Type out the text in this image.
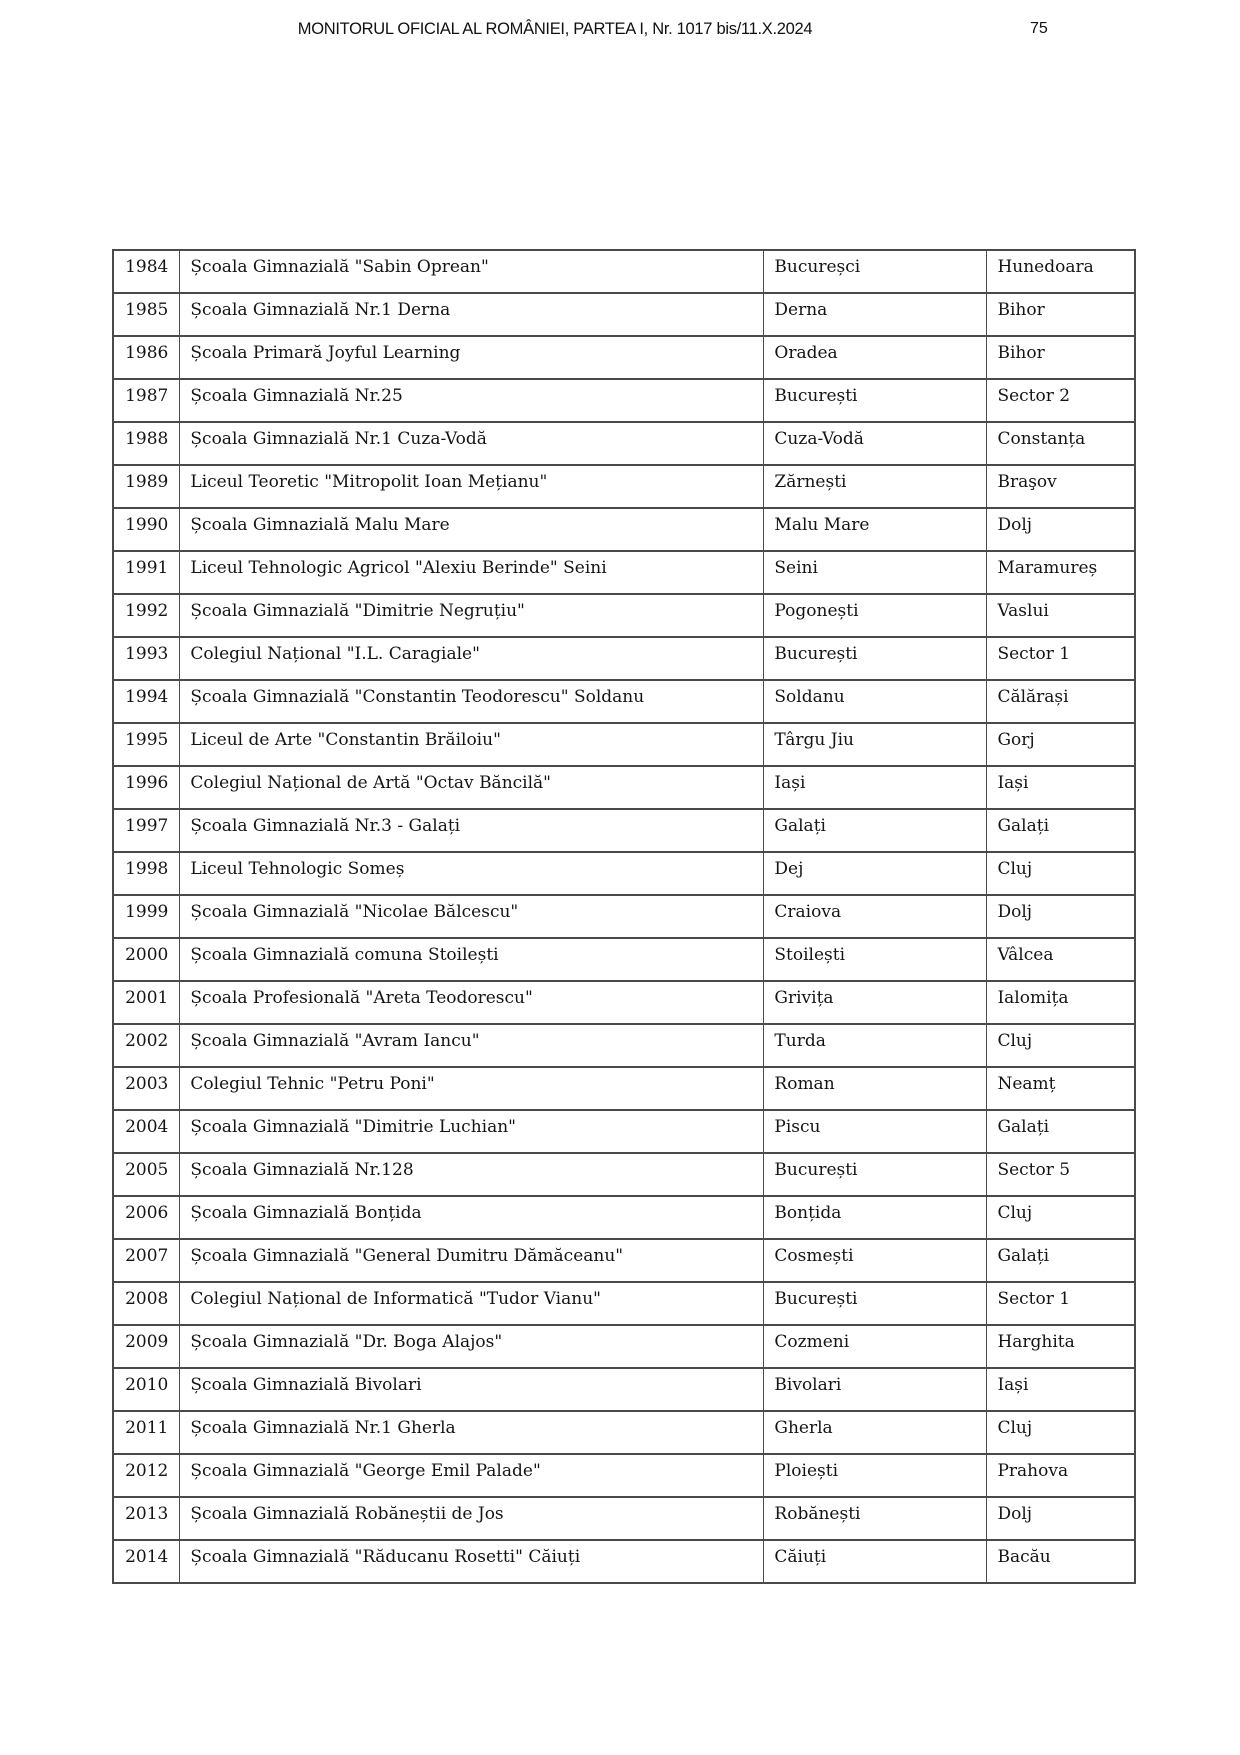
MONITORUL OFICIAL AL ROMÂNIEI, PARTEA I, Nr. 1017 bis/11.X.2024	75
1984	Școala Gimnazială "Sabin Oprean"	Bucureșci	Hunedoara
1985	Școala Gimnazială Nr.1 Derna	Derna	Bihor
1986	Școala Primară Joyful Learning	Oradea	Bihor
1987	Școala Gimnazială Nr.25	București	Sector 2
1988	Școala Gimnazială Nr.1 Cuza-Vodă	Cuza-Vodă	Constanța
1989	Liceul Teoretic "Mitropolit Ioan Mețianu"	Zărnești	Braşov
1990	Școala Gimnazială Malu Mare	Malu Mare	Dolj
1991	Liceul Tehnologic Agricol "Alexiu Berinde" Seini	Seini	Maramureș
1992	Școala Gimnazială "Dimitrie Negruțiu"	Pogonești	Vaslui
1993	Colegiul Național "I.L. Caragiale"	București	Sector 1
1994	Școala Gimnazială "Constantin Teodorescu" Soldanu	Soldanu	Călărași
1995	Liceul de Arte "Constantin Brăiloiu"	Târgu Jiu	Gorj
1996	Colegiul Național de Artă "Octav Băncilă"	Iași	Iași
1997	Școala Gimnazială Nr.3 - Galați	Galați	Galați
1998	Liceul Tehnologic Someș	Dej	Cluj
1999	Școala Gimnazială "Nicolae Bălcescu"	Craiova	Dolj
2000	Școala Gimnazială comuna Stoilești	Stoilești	Vâlcea
2001	Școala Profesională "Areta Teodorescu"	Grivița	Ialomița
2002	Școala Gimnazială "Avram Iancu"	Turda	Cluj
2003	Colegiul Tehnic "Petru Poni"	Roman	Neamț
2004	Școala Gimnazială "Dimitrie Luchian"	Piscu	Galați
2005	Școala Gimnazială Nr.128	București	Sector 5
2006	Școala Gimnazială Bonțida	Bonțida	Cluj
2007	Școala Gimnazială "General Dumitru Dămăceanu"	Cosmești	Galați
2008	Colegiul Național de Informatică "Tudor Vianu"	București	Sector 1
2009	Școala Gimnazială "Dr. Boga Alajos"	Cozmeni	Harghita
2010	Școala Gimnazială Bivolari	Bivolari	Iași
2011	Școala Gimnazială Nr.1 Gherla	Gherla	Cluj
2012	Școala Gimnazială "George Emil Palade"	Ploiești	Prahova
2013	Școala Gimnazială Robăneștii de Jos	Robănești	Dolj
2014	Școala Gimnazială "Răducanu Rosetti" Căiuți	Căiuți	Bacău
